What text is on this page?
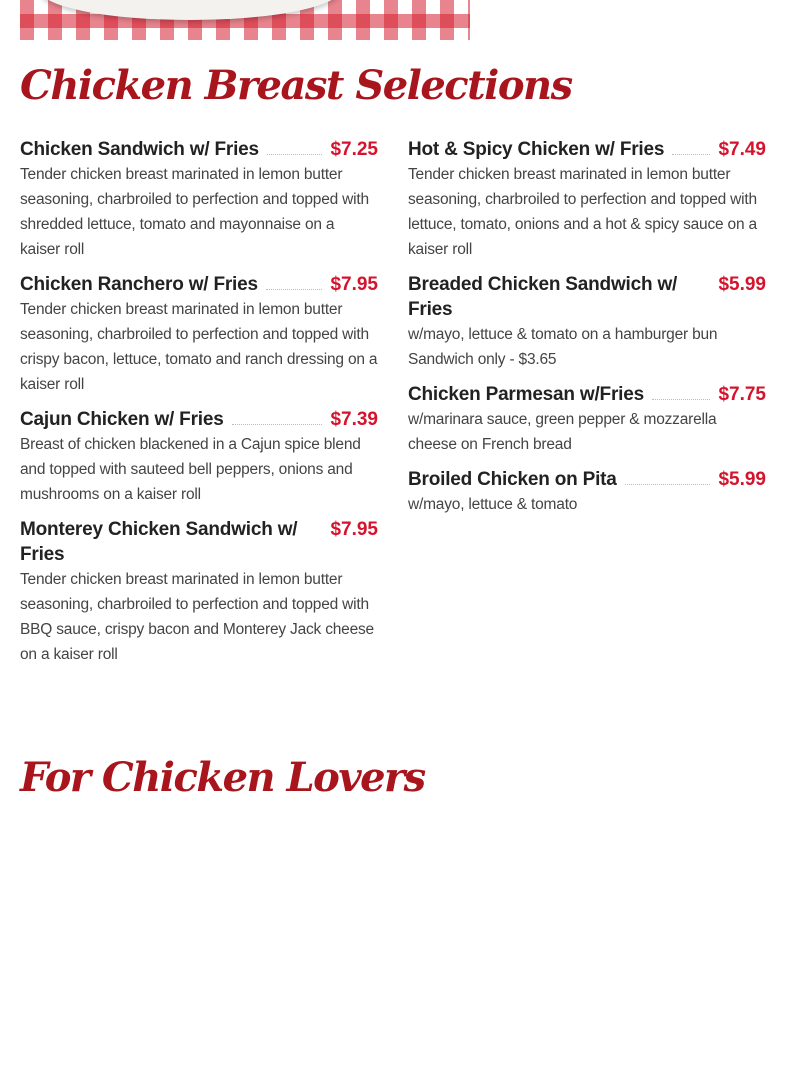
Chicken Breast Selections
Chicken Sandwich w/ Fries	$7.25

Tender chicken breast marinated in lemon butter seasoning, charbroiled to perfection and topped with shredded lettuce, tomato and mayonnaise on a kaiser roll

Chicken Ranchero w/ Fries	$7.95

Tender chicken breast marinated in lemon butter seasoning, charbroiled to perfection and topped with crispy bacon, lettuce, tomato and ranch dressing on a kaiser roll

Cajun Chicken w/ Fries	$7.39

Breast of chicken blackened in a Cajun spice blend and topped with sauteed bell peppers, onions and mushrooms on a kaiser roll

Monterey Chicken Sandwich w/ Fries
$7.95

Tender chicken breast marinated in lemon butter seasoning, charbroiled to perfection and topped with BBQ sauce, crispy bacon and Monterey Jack cheese on a kaiser roll

Hot & Spicy Chicken w/ Fries	$7.49

Tender chicken breast marinated in lemon butter seasoning, charbroiled to perfection and topped with lettuce, tomato, onions and a hot & spicy sauce on a kaiser roll

Breaded Chicken Sandwich w/ Fries
$5.99

w/mayo, lettuce & tomato on a hamburger bun

Sandwich only - $3.65

Chicken Parmesan w/Fries	$7.75

w/marinara sauce, green pepper & mozzarella cheese on French bread

Broiled Chicken on Pita	$5.99

w/mayo, lettuce & tomato

For Chicken Lovers
